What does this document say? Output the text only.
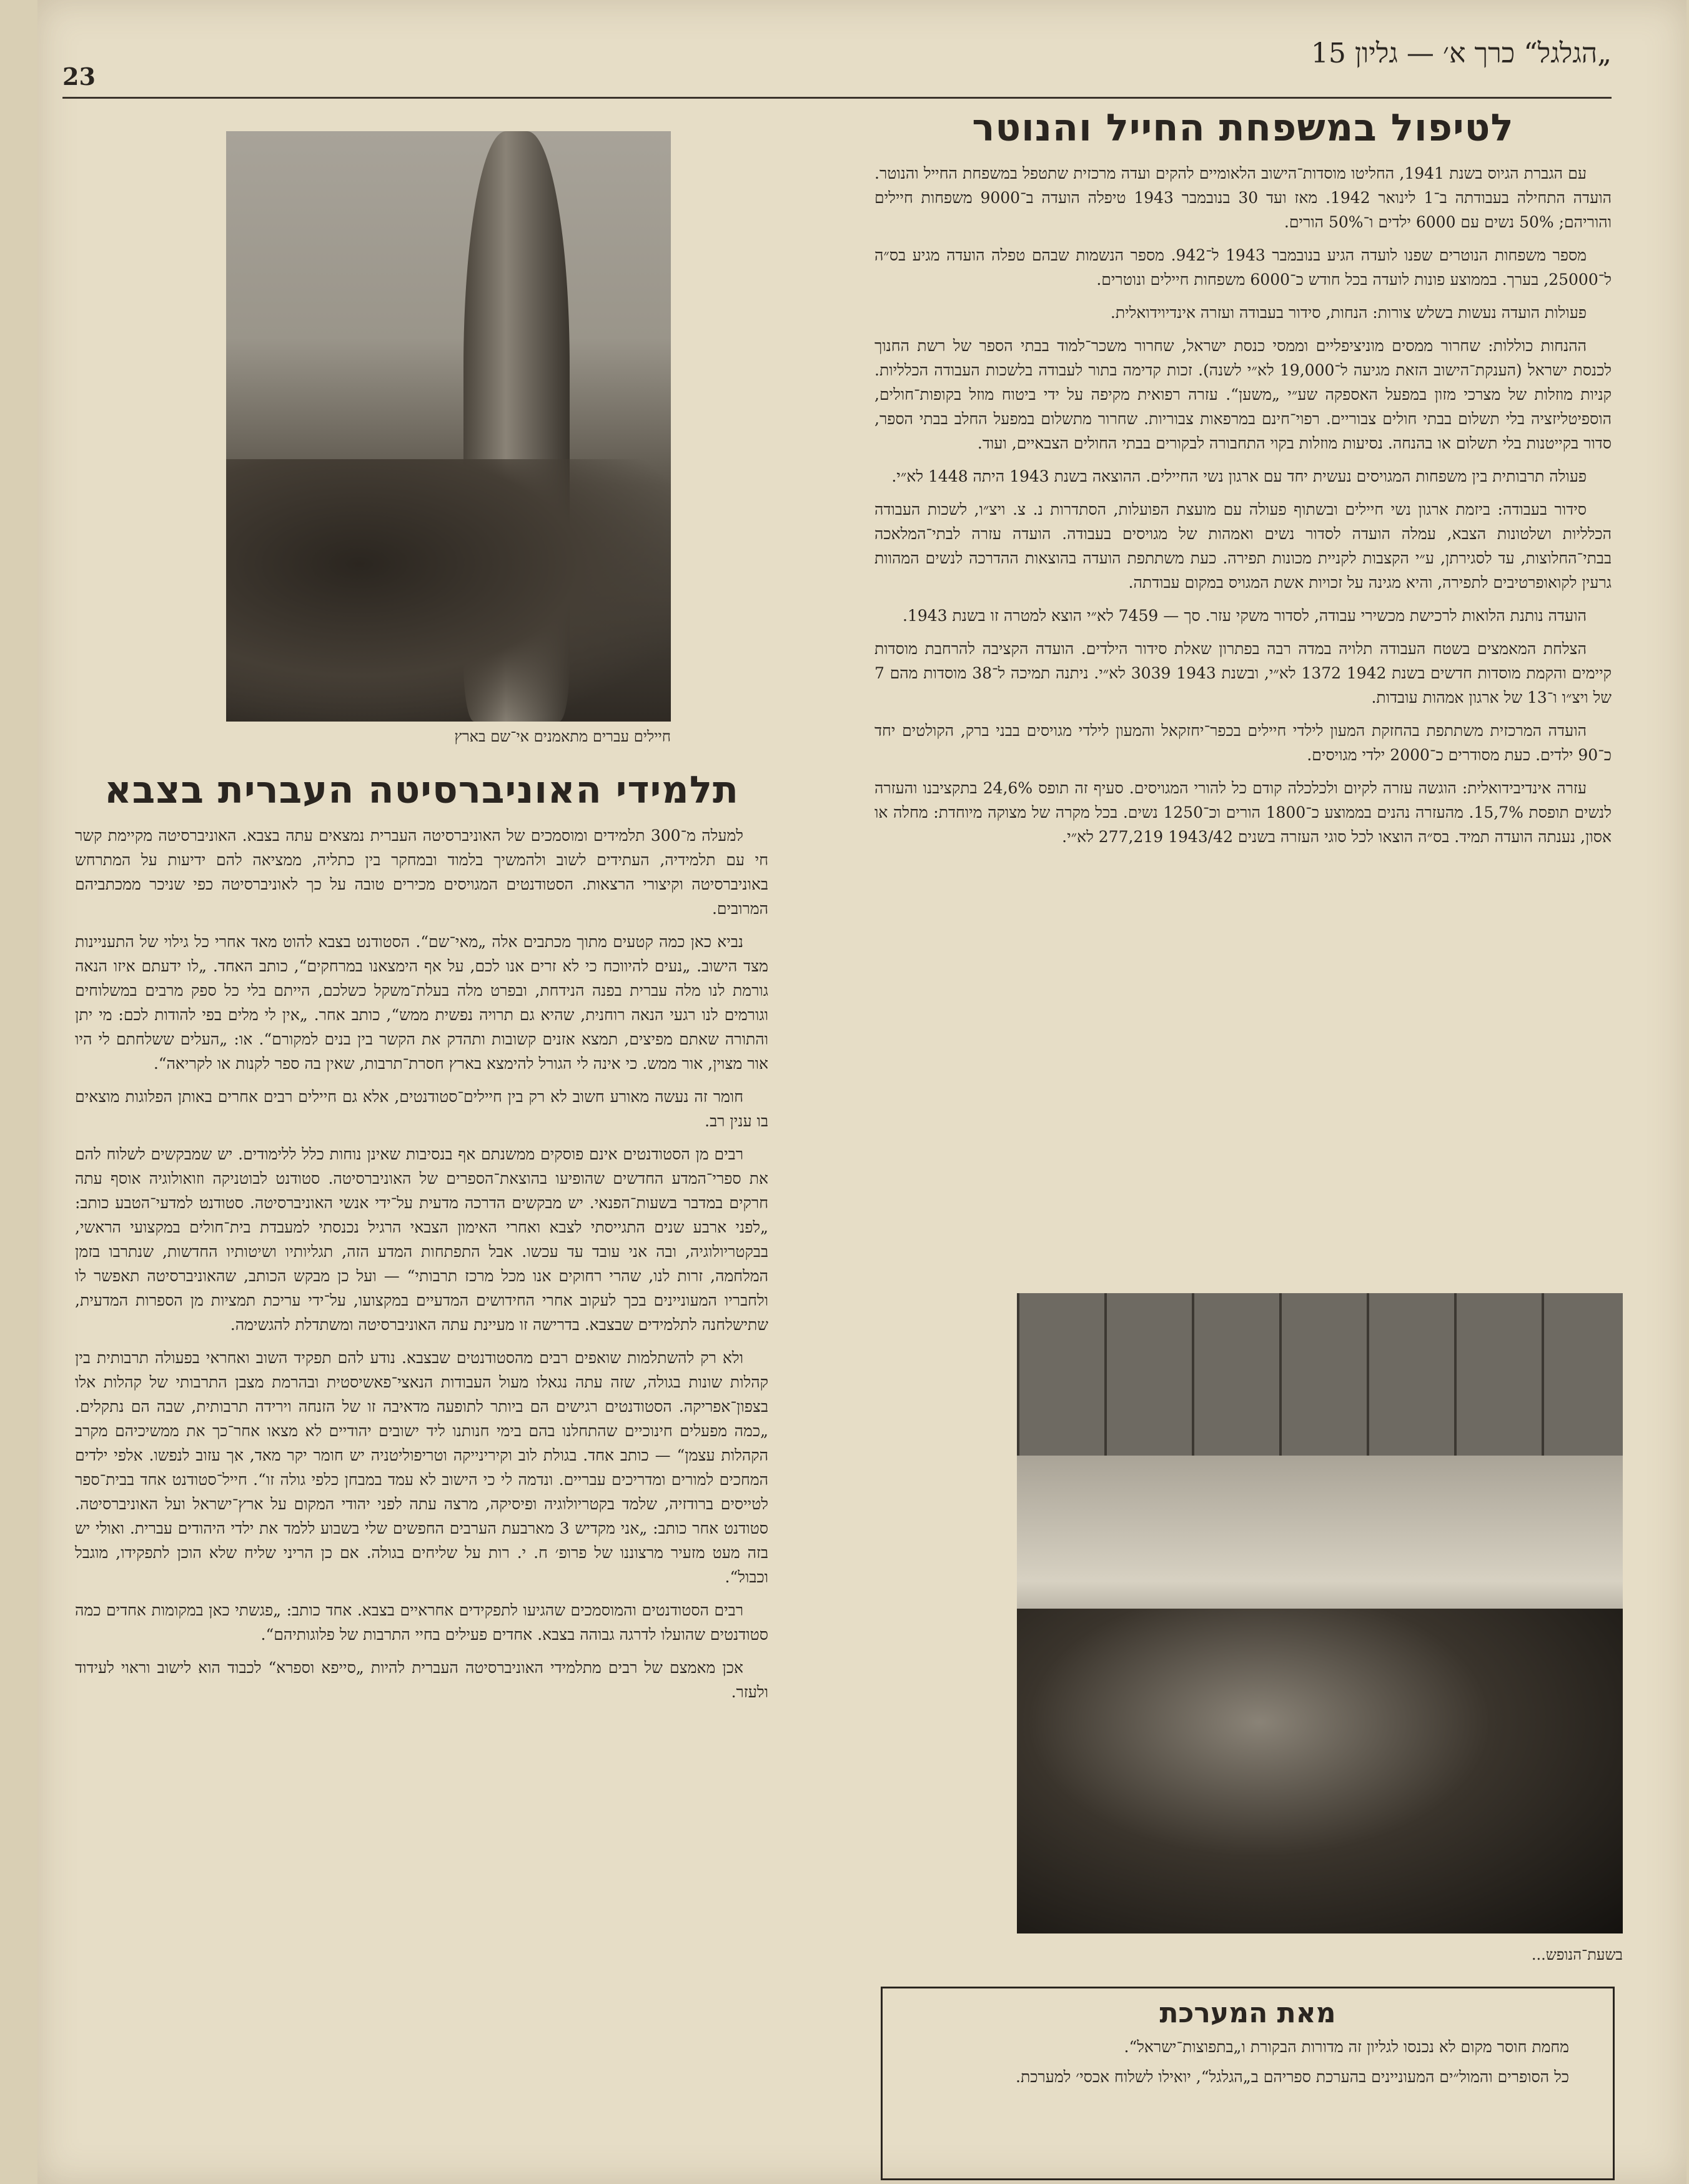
23
„הגלגל“ כרך א׳ — גליון 15
לטיפול במשפחת החייל והנוטר

עם הגברת הגיוס בשנת 1941, החליטו מוסדות־הישוב הלאומיים להקים ועדה מרכזית שתטפל במשפחת החייל והנוטר. הועדה התחילה בעבודתה ב־1 לינואר 1942. מאז ועד 30 בנובמבר 1943 טיפלה הועדה ב־9000 משפחות חיילים והוריהם; 50% נשים עם 6000 ילדים ו־50% הורים.

מספר משפחות הנוטרים שפנו לועדה הגיע בנובמבר 1943 ל־942. מספר הנשמות שבהם טפלה הועדה מגיע בס״ה ל־25000, בערך. בממוצע פונות לועדה בכל חודש כ־6000 משפחות חיילים ונוטרים.

פעולות הועדה נעשות בשלש צורות: הנחות, סידור בעבודה ועזרה אינדיוידואלית.

ההנחות כוללות: שחרור ממסים מוניציפליים וממסי כנסת ישראל, שחרור משכר־למוד בבתי הספר של רשת החנוך לכנסת ישראל (הענקת־הישוב הזאת מגיעה ל־19,000 לא״י לשנה). זכות קדימה בתור לעבודה בלשכות העבודה הכלליות. קניות מוזלות של מצרכי מזון במפעל האספקה שע״י „משען“. עזרה רפואית מקיפה על ידי ביטוח מוזל בקופות־חולים, הוספיטליזציה בלי תשלום בבתי חולים צבוריים. רפוי־חינם במרפאות צבוריות. שחרור מתשלום במפעל החלב בבתי הספר, סדור בקייטנות בלי תשלום או בהנחה. נסיעות מוזלות בקוי התחבורה לבקורים בבתי החולים הצבאיים, ועוד.

פעולה תרבותית בין משפחות המגויסים נעשית יחד עם ארגון נשי החיילים. ההוצאה בשנת 1943 היתה 1448 לא״י.

סידור בעבודה: ביזמת ארגון נשי חיילים ובשתוף פעולה עם מועצת הפועלות, הסתדרות נ. צ. ויצ״ו, לשכות העבודה הכלליות ושלטונות הצבא, עמלה הועדה לסדור נשים ואמהות של מגויסים בעבודה. הועדה עזרה לבתי־המלאכה בבתי־החלוצות, עד לסגירתן, ע״י הקצבות לקניית מכונות תפירה. כעת משתתפת הועדה בהוצאות ההדרכה לנשים המהוות גרעין לקואופרטיבים לתפירה, והיא מגינה על זכויות אשת המגויס במקום עבודתה.

הועדה נותנת הלואות לרכישת מכשירי עבודה, לסדור משקי עזר. סך — 7459 לא״י הוצא למטרה זו בשנת 1943.

הצלחת המאמצים בשטח העבודה תלויה במדה רבה בפתרון שאלת סידור הילדים. הועדה הקציבה להרחבת מוסדות קיימים והקמת מוסדות חדשים בשנת 1942 1372 לא״י, ובשנת 1943 3039 לא״י. ניתנה תמיכה ל־38 מוסדות מהם 7 של ויצ״ו ו־13 של ארגון אמהות עובדות.

הועדה המרכזית משתתפת בהחזקת המעון לילדי חיילים בכפר־יחזקאל והמעון לילדי מגויסים בבני ברק, הקולטים יחד כ־90 ילדים. כעת מסודרים כ־2000 ילדי מגויסים.

עזרה אינדיבידואלית: הוגשה עזרה לקיום ולכלכלה קודם כל להורי המגויסים. סעיף זה תופס 24,6% בתקציבנו והעזרה לנשים תופסת 15,7%. מהעזרה נהנים בממוצע כ־1800 הורים וכ־1250 נשים. בכל מקרה של מצוקה מיוחדת: מחלה או אסון, נענתה הועדה תמיד. בס״ה הוצאו לכל סוגי העזרה בשנים 1943/42 277,219 לא״י.

חיילים עברים מתאמנים אי־שם בארץ
תלמידי האוניברסיטה העברית בצבא

למעלה מ־300 תלמידים ומוסמכים של האוניברסיטה העברית נמצאים עתה בצבא. האוניברסיטה מקיימת קשר חי עם תלמידיה, העתידים לשוב ולהמשיך בלמוד ובמחקר בין כתליה, ממציאה להם ידיעות על המתרחש באוניברסיטה וקיצורי הרצאות. הסטודנטים המגויסים מכירים טובה על כך לאוניברסיטה כפי שניכר ממכתביהם המרובים.

נביא כאן כמה קטעים מתוך מכתבים אלה „מאי־שם“. הסטודנט בצבא להוט מאד אחרי כל גילוי של התעניינות מצד הישוב. „נעים להיווכח כי לא זרים אנו לכם, על אף הימצאנו במרחקים“, כותב האחד. „לו ידעתם איזו הנאה גורמת לנו מלה עברית בפנה הנידחת, ובפרט מלה בעלת־משקל כשלכם, הייתם בלי כל ספק מרבים במשלוחים וגורמים לנו רגעי הנאה רוחנית, שהיא גם תרויה נפשית ממש“, כותב אחר. „אין לי מלים בפי להודות לכם: מי יתן והתורה שאתם מפיצים, תמצא אזנים קשובות ותהדק את הקשר בין בנים למקורם“. או: „העלים ששלחתם לי היו אור מצוין, אור ממש. כי אינה לי הגורל להימצא בארץ חסרת־תרבות, שאין בה ספר לקנות או לקריאה“.

חומר זה נעשה מאורע חשוב לא רק בין חיילים־סטודנטים, אלא גם חיילים רבים אחרים באותן הפלוגות מוצאים בו ענין רב.

רבים מן הסטודנטים אינם פוסקים ממשנתם אף בנסיבות שאינן נוחות כלל ללימודים. יש שמבקשים לשלוח להם את ספרי־המדע החדשים שהופיעו בהוצאת־הספרים של האוניברסיטה. סטודנט לבוטניקה וזואולוגיה אוסף עתה חרקים במדבר בשעות־הפנאי. יש מבקשים הדרכה מדעית על־ידי אנשי האוניברסיטה. סטודנט למדעי־הטבע כותב: „לפני ארבע שנים התגייסתי לצבא ואחרי האימון הצבאי הרגיל נכנסתי למעבדת בית־חולים במקצועי הראשי, בבקטריולוגיה, ובה אני עובד עד עכשו. אבל התפתחות המדע הזה, תגליותיו ושיטותיו החדשות, שנתרבו בזמן המלחמה, זרות לנו, שהרי רחוקים אנו מכל מרכז תרבותי“ — ועל כן מבקש הכותב, שהאוניברסיטה תאפשר לו ולחבריו המעוניינים בכך לעקוב אחרי החידושים המדעיים במקצועו, על־ידי עריכת תמציות מן הספרות המדעית, שתישלחנה לתלמידים שבצבא. בדרישה זו מעיינת עתה האוניברסיטה ומשתדלת להגשימה.

ולא רק להשתלמות שואפים רבים מהסטודנטים שבצבא. נודע להם תפקיד השוב ואחראי בפעולה תרבותית בין קהלות שונות בגולה, שזה עתה נגאלו מעול העבודות הנאצי־פאשיסטית ובהרמת מצבן התרבותי של קהלות אלו בצפון־אפריקה. הסטודנטים רגישים הם ביותר לתופעה מדאיבה זו של הזנחה וירידה תרבותית, שבה הם נתקלים. „כמה מפעלים חינוכיים שהתחלנו בהם בימי חנותנו ליד ישובים יהודיים לא מצאו אחר־כך את ממשיכיהם מקרב הקהלות עצמן“ — כותב אחד. בגולת לוב וקירינייקה וטריפוליטניה יש חומר יקר מאד, אך עזוב לנפשו. אלפי ילדים המחכים למורים ומדריכים עבריים. ונדמה לי כי הישוב לא עמד במבחן כלפי גולה זו“. חייל־סטודנט אחד בבית־ספר לטייסים ברודזיה, שלמד בקטריולוגיה ופיסיקה, מרצה עתה לפני יהודי המקום על ארץ־ישראל ועל האוניברסיטה. סטודנט אחר כותב: „אני מקדיש 3 מארבעת הערבים החפשים שלי בשבוע ללמד את ילדי היהודים עברית. ואולי יש בזה מעט מזעיר מרצוננו של פרופ׳ ח. י. רות על שליחים בגולה. אם כן הריני שליח שלא הוכן לתפקידו, מוגבל וכבול“.

רבים הסטודנטים והמוסמכים שהגיעו לתפקידים אחראיים בצבא. אחד כותב: „פגשתי כאן במקומות אחדים כמה סטודנטים שהועלו לדרגה גבוהה בצבא. אחדים פעילים בחיי התרבות של פלוגותיהם“.

אכן מאמצם של רבים מתלמידי האוניברסיטה העברית להיות „סייפא וספרא“ לכבוד הוא לישוב וראוי לעידוד ולעזר.

בשעת־הנופש...
מאת המערכת

מחמת חוסר מקום לא נכנסו לגליון זה מדורות הבקורת ו„בתפוצות־ישראל“.

כל הסופרים והמול״ים המעוניינים בהערכת ספריהם ב„הגלגל“, יואילו לשלוח אכסי׳ למערכת.
